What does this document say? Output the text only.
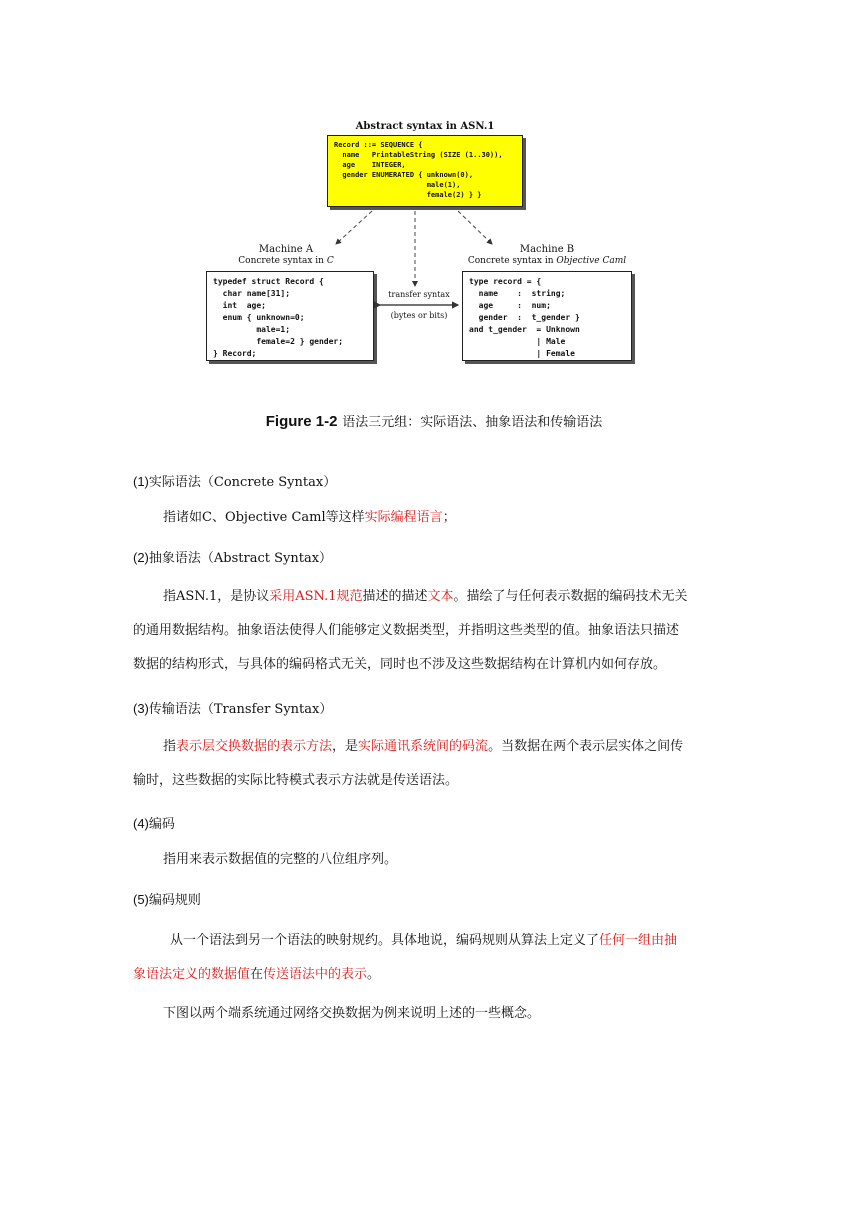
Abstract syntax in ASN.1
Record ::= SEQUENCE {
name   PrintableString (SIZE (1..30)),
age    INTEGER,
gender ENUMERATED { unknown(0),
male(1),
female(2) } }
Machine A
Concrete syntax in C
typedef struct Record {
char name[31];
int  age;
enum { unknown=0;
male=1;
female=2 } gender;
} Record;
Machine B
Concrete syntax in Objective Caml
type record = {
name    :  string;
age     :  num;
gender  :  t_gender }
and t_gender  = Unknown
| Male
| Female
transfer syntax
(bytes or bits)
Figure 1-2 语法三元组：实际语法、抽象语法和传输语法
(1)实际语法（Concrete Syntax）
指诸如C、Objective Caml等这样实际编程语言；
(2)抽象语法（Abstract Syntax）
指ASN.1，是协议采用ASN.1规范描述的描述文本。描绘了与任何表示数据的编码技术无关
的通用数据结构。抽象语法使得人们能够定义数据类型，并指明这些类型的值。抽象语法只描述
数据的结构形式，与具体的编码格式无关，同时也不涉及这些数据结构在计算机内如何存放。
(3)传输语法（Transfer Syntax）
指表示层交换数据的表示方法，是实际通讯系统间的码流。当数据在两个表示层实体之间传
输时，这些数据的实际比特模式表示方法就是传送语法。
(4)编码
指用来表示数据值的完整的八位组序列。
(5)编码规则
从一个语法到另一个语法的映射规约。具体地说，编码规则从算法上定义了任何一组由抽
象语法定义的数据值在传送语法中的表示。
下图以两个端系统通过网络交换数据为例来说明上述的一些概念。
